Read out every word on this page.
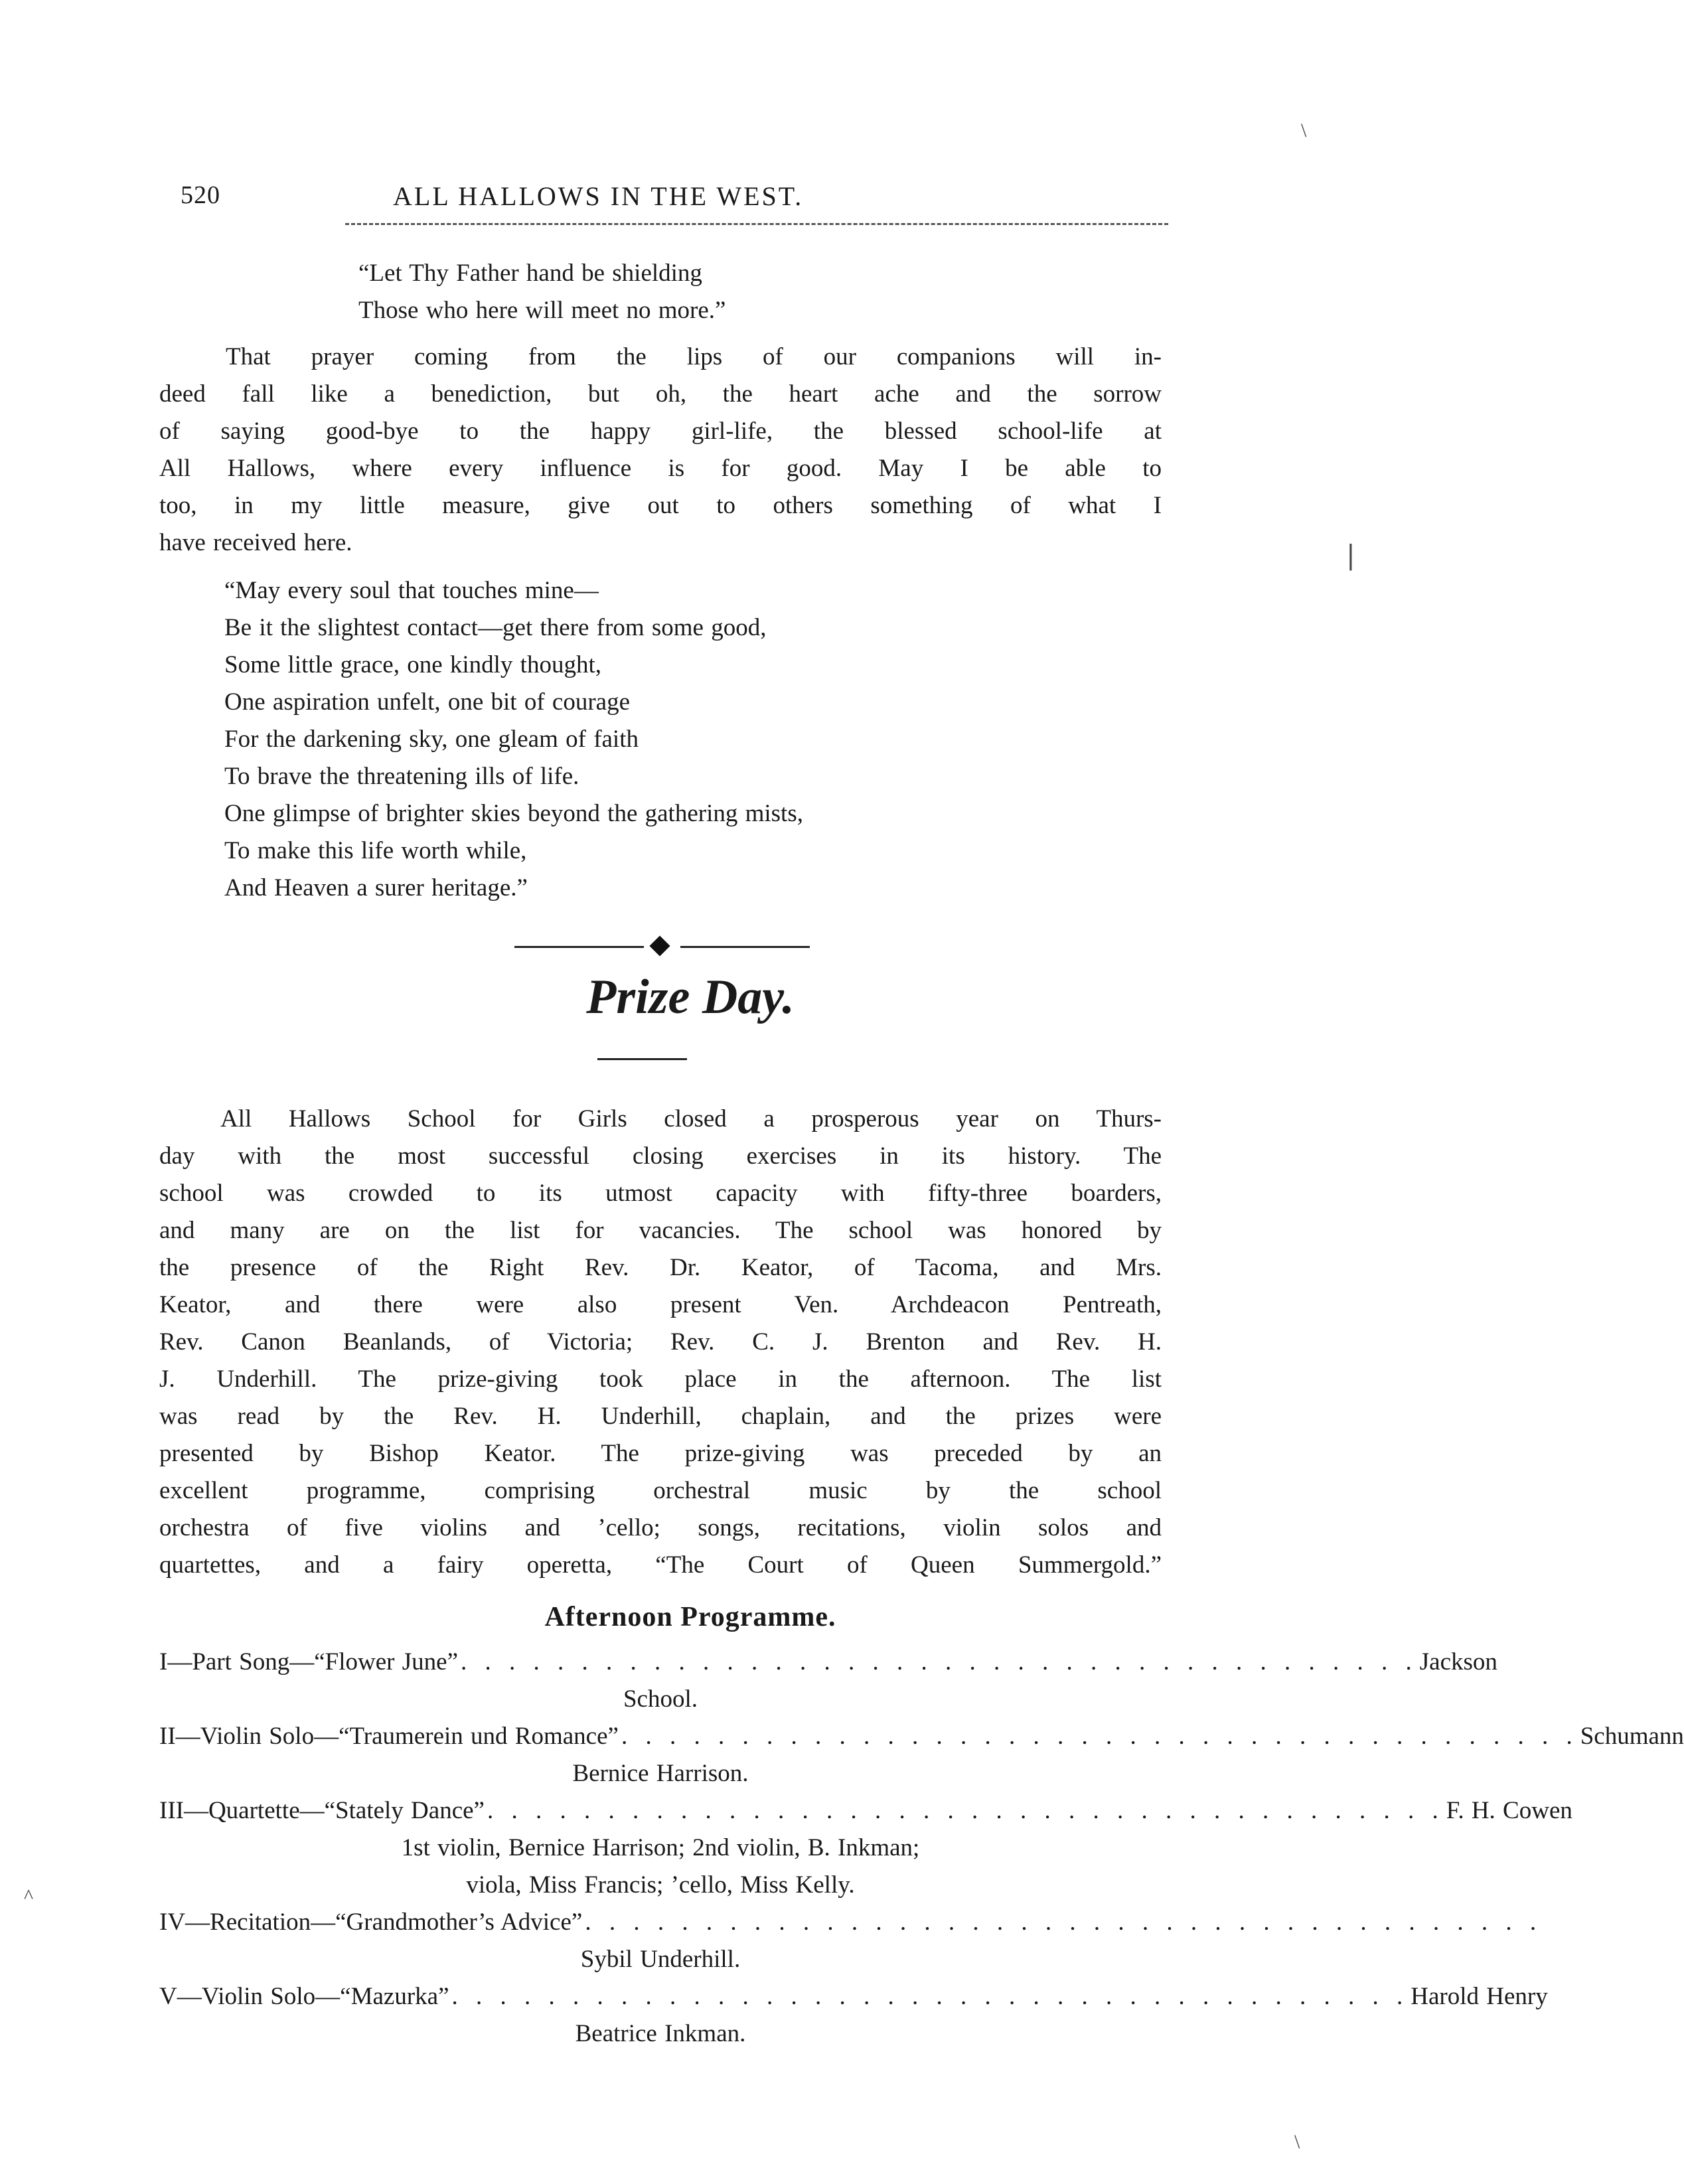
520	ALL HALLOWS IN THE WEST.
“Let Thy Father hand be shielding
Those who here will meet no more.”
That prayer coming from the lips of our companions will in-
deed fall like a benediction, but oh, the heart ache and the sorrow
of saying good-bye to the happy girl-life, the blessed school-life at
All Hallows, where every influence is for good. May I be able to
too, in my little measure, give out to others something of what I
have received here.
“May every soul that touches mine—
Be it the slightest contact—get there from some good,
Some little grace, one kindly thought,
One aspiration unfelt, one bit of courage
For the darkening sky, one gleam of faith
To brave the threatening ills of life.
One glimpse of brighter skies beyond the gathering mists,
To make this life worth while,
And Heaven a surer heritage.”
Prize Day.
All Hallows School for Girls closed a prosperous year on Thurs-
day with the most successful closing exercises in its history. The
school was crowded to its utmost capacity with fifty-three boarders,
and many are on the list for vacancies. The school was honored by
the presence of the Right Rev. Dr. Keator, of Tacoma, and Mrs.
Keator, and there were also present Ven. Archdeacon Pentreath,
Rev. Canon Beanlands, of Victoria; Rev. C. J. Brenton and Rev. H.
J. Underhill. The prize-giving took place in the afternoon. The list
was read by the Rev. H. Underhill, chaplain, and the prizes were
presented by Bishop Keator. The prize-giving was preceded by an
excellent programme, comprising orchestral music by the school
orchestra of five violins and ’cello; songs, recitations, violin solos and
quartettes, and a fairy operetta, “The Court of Queen Summergold.”
Afternoon Programme.
I—Part Song—“Flower June” . . . . . . . . . . . . . . . . . . . . . . . . . . . . . . . . . . . . . . . . Jackson
School.
II—Violin Solo—“Traumerein und Romance” . . . . . . . . . . . . . . . . . . . . . . . . . . . . . . . . . . . . . . . . Schumann
Bernice Harrison.
III—Quartette—“Stately Dance” . . . . . . . . . . . . . . . . . . . . . . . . . . . . . . . . . . . . . . . . F. H. Cowen
1st violin, Bernice Harrison; 2nd violin, B. Inkman;
viola, Miss Francis; ’cello, Miss Kelly.
IV—Recitation—“Grandmother’s Advice” . . . . . . . . . . . . . . . . . . . . . . . . . . . . . . . . . . . . . . . .
Sybil Underhill.
V—Violin Solo—“Mazurka” . . . . . . . . . . . . . . . . . . . . . . . . . . . . . . . . . . . . . . . . Harold Henry
Beatrice Inkman.
\
|
^
\
